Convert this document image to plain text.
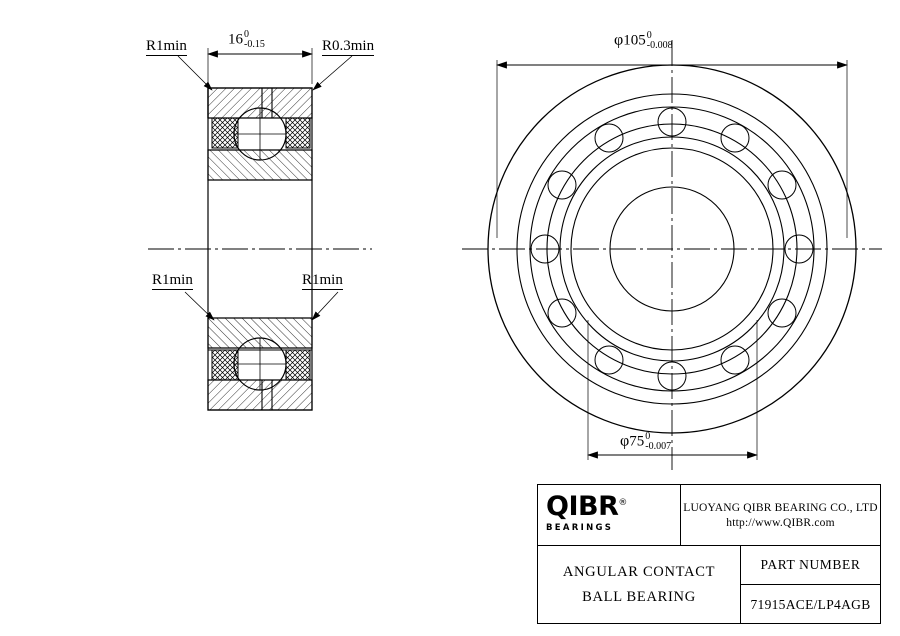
16 0
-0.15
R1min	R0.3min
R1min	R1min
φ105 0
-0.008
φ75 0
-0.007
QIBR®
BEARINGS
LUOYANG QIBR BEARING CO., LTD
http://www.QIBR.com
ANGULAR CONTACT
BALL BEARING
PART NUMBER
71915ACE/LP4AGB
